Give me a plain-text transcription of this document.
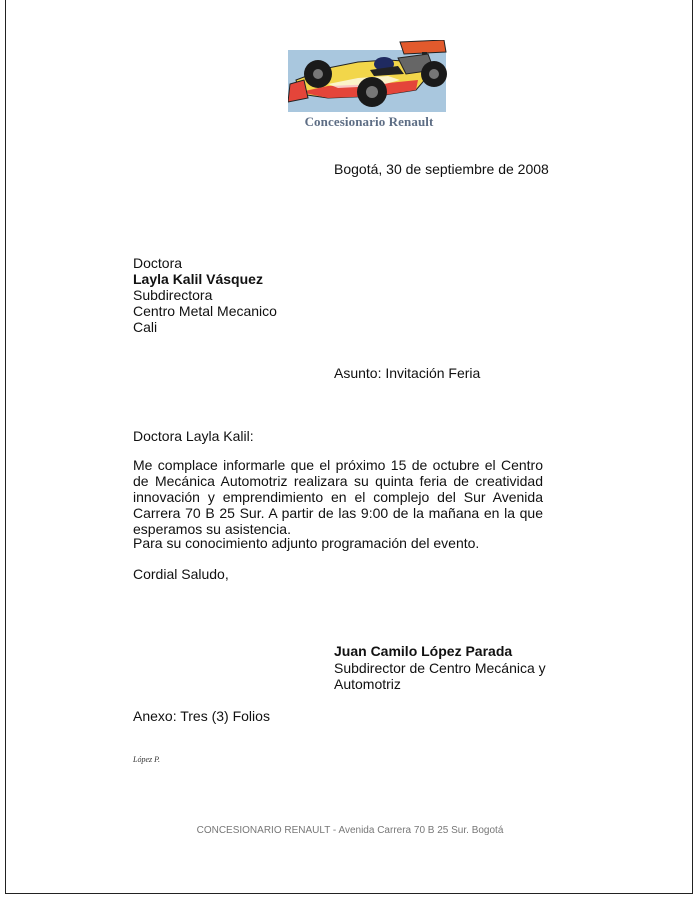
Concesionario Renault
Bogotá, 30 de septiembre de 2008
Doctora
Layla Kalil Vásquez
Subdirectora
Centro Metal Mecanico
Cali
Asunto: Invitación Feria
Doctora Layla Kalil:
Me complace informarle que el próximo 15 de octubre el Centro de Mecánica Automotriz realizara su quinta feria de creatividad innovación y emprendimiento en el complejo del Sur Avenida Carrera 70 B 25 Sur. A partir de las 9:00 de la mañana en la que esperamos su asistencia.
Para su conocimiento adjunto programación del evento.
Cordial Saludo,
Juan Camilo López Parada
Subdirector de Centro Mecánica y
Automotriz
Anexo: Tres (3) Folios
López P.
CONCESIONARIO RENAULT - Avenida Carrera 70 B 25 Sur. Bogotá
